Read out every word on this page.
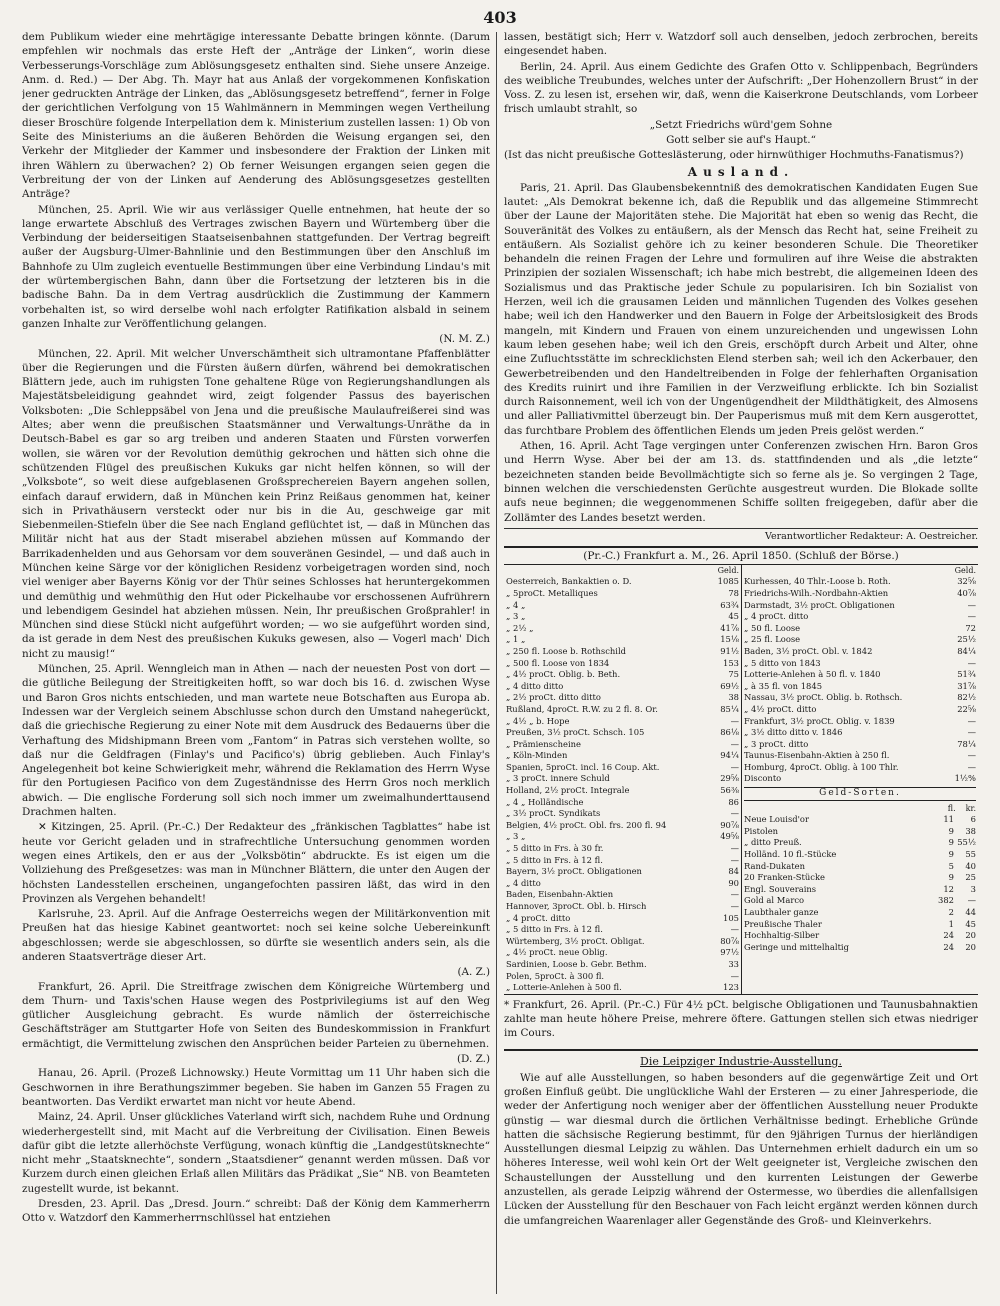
403

dem Publikum wieder eine mehrtägige interessante Debatte bringen könnte. (Darum empfehlen wir nochmals das erste Heft der „Anträge der Linken“, worin diese Verbesserungs-Vorschläge zum Ablösungsgesetz enthalten sind. Siehe unsere Anzeige. Anm. d. Red.) — Der Abg. Th. Mayr hat aus Anlaß der vorgekommenen Konfiskation jener gedruckten Anträge der Linken, das „Ablösungsgesetz betreffend“, ferner in Folge der gerichtlichen Verfolgung von 15 Wahlmännern in Memmingen wegen Vertheilung dieser Broschüre folgende Interpellation dem k. Ministerium zustellen lassen: 1) Ob von Seite des Ministeriums an die äußeren Behörden die Weisung ergangen sei, den Verkehr der Mitglieder der Kammer und insbesondere der Fraktion der Linken mit ihren Wählern zu überwachen? 2) Ob ferner Weisungen ergangen seien gegen die Verbreitung der von der Linken auf Aenderung des Ablösungsgesetzes gestellten Anträge?

München, 25. April. Wie wir aus verlässiger Quelle entnehmen, hat heute der so lange erwartete Abschluß des Vertrages zwischen Bayern und Würtemberg über die Verbindung der beiderseitigen Staatseisenbahnen stattgefunden. Der Vertrag begreift außer der Augsburg-Ulmer-Bahnlinie und den Bestimmungen über den Anschluß im Bahnhofe zu Ulm zugleich eventuelle Bestimmungen über eine Verbindung Lindau's mit der würtembergischen Bahn, dann über die Fortsetzung der letzteren bis in die badische Bahn. Da in dem Vertrag ausdrücklich die Zustimmung der Kammern vorbehalten ist, so wird derselbe wohl nach erfolgter Ratifikation alsbald in seinem ganzen Inhalte zur Veröffentlichung gelangen.

(N. M. Z.)

München, 22. April. Mit welcher Unverschämtheit sich ultramontane Pfaffenblätter über die Regierungen und die Fürsten äußern dürfen, während bei demokratischen Blättern jede, auch im ruhigsten Tone gehaltene Rüge von Regierungshandlungen als Majestätsbeleidigung geahndet wird, zeigt folgender Passus des bayerischen Volksboten: „Die Schleppsäbel von Jena und die preußische Maulaufreißerei sind was Altes; aber wenn die preußischen Staatsmänner und Verwaltungs-Unräthe da in Deutsch-Babel es gar so arg treiben und anderen Staaten und Fürsten vorwerfen wollen, sie wären vor der Revolution demüthig gekrochen und hätten sich ohne die schützenden Flügel des preußischen Kukuks gar nicht helfen können, so will der „Volksbote“, so weit diese aufgeblasenen Großsprechereien Bayern angehen sollen, einfach darauf erwidern, daß in München kein Prinz Reißaus genommen hat, keiner sich in Privathäusern versteckt oder nur bis in die Au, geschweige gar mit Siebenmeilen-Stiefeln über die See nach England geflüchtet ist, — daß in München das Militär nicht hat aus der Stadt miserabel abziehen müssen auf Kommando der Barrikadenhelden und aus Gehorsam vor dem souveränen Gesindel, — und daß auch in München keine Särge vor der königlichen Residenz vorbeigetragen worden sind, noch viel weniger aber Bayerns König vor der Thür seines Schlosses hat heruntergekommen und demüthig und wehmüthig den Hut oder Pickelhaube vor erschossenen Aufrührern und lebendigem Gesindel hat abziehen müssen. Nein, Ihr preußischen Großprahler! in München sind diese Stückl nicht aufgeführt worden; — wo sie aufgeführt worden sind, da ist gerade in dem Nest des preußischen Kukuks gewesen, also — Vogerl mach' Dich nicht zu mausig!“

München, 25. April. Wenngleich man in Athen — nach der neuesten Post von dort — die gütliche Beilegung der Streitigkeiten hofft, so war doch bis 16. d. zwischen Wyse und Baron Gros nichts entschieden, und man wartete neue Botschaften aus Europa ab. Indessen war der Vergleich seinem Abschlusse schon durch den Umstand nahegerückt, daß die griechische Regierung zu einer Note mit dem Ausdruck des Bedauerns über die Verhaftung des Midshipmann Breen vom „Fantom“ in Patras sich verstehen wollte, so daß nur die Geldfragen (Finlay's und Pacifico's) übrig geblieben. Auch Finlay's Angelegenheit bot keine Schwierigkeit mehr, während die Reklamation des Herrn Wyse für den Portugiesen Pacifico von dem Zugeständnisse des Herrn Gros noch merklich abwich. — Die englische Forderung soll sich noch immer um zweimalhunderttausend Drachmen halten.

✕ Kitzingen, 25. April. (Pr.-C.) Der Redakteur des „fränkischen Tagblattes“ habe ist heute vor Gericht geladen und in strafrechtliche Untersuchung genommen worden wegen eines Artikels, den er aus der „Volksbötin“ abdruckte. Es ist eigen um die Vollziehung des Preßgesetzes: was man in Münchner Blättern, die unter den Augen der höchsten Landesstellen erscheinen, ungangefochten passiren läßt, das wird in den Provinzen als Vergehen behandelt!

Karlsruhe, 23. April. Auf die Anfrage Oesterreichs wegen der Militärkonvention mit Preußen hat das hiesige Kabinet geantwortet: noch sei keine solche Uebereinkunft abgeschlossen; werde sie abgeschlossen, so dürfte sie wesentlich anders sein, als die anderen Staatsverträge dieser Art.

(A. Z.)

Frankfurt, 26. April. Die Streitfrage zwischen dem Königreiche Würtemberg und dem Thurn- und Taxis'schen Hause wegen des Postprivilegiums ist auf den Weg gütlicher Ausgleichung gebracht. Es wurde nämlich der österreichische Geschäftsträger am Stuttgarter Hofe von Seiten des Bundeskommission in Frankfurt ermächtigt, die Vermittelung zwischen den Ansprüchen beider Parteien zu übernehmen.

(D. Z.)

Hanau, 26. April. (Prozeß Lichnowsky.) Heute Vormittag um 11 Uhr haben sich die Geschwornen in ihre Berathungszimmer begeben. Sie haben im Ganzen 55 Fragen zu beantworten. Das Verdikt erwartet man nicht vor heute Abend.

Mainz, 24. April. Unser glückliches Vaterland wirft sich, nachdem Ruhe und Ordnung wiederhergestellt sind, mit Macht auf die Verbreitung der Civilisation. Einen Beweis dafür gibt die letzte allerhöchste Verfügung, wonach künftig die „Landgestütsknechte“ nicht mehr „Staatsknechte“, sondern „Staatsdiener“ genannt werden müssen. Daß vor Kurzem durch einen gleichen Erlaß allen Militärs das Prädikat „Sie“ NB. von Beamteten zugestellt wurde, ist bekannt.

Dresden, 23. April. Das „Dresd. Journ.“ schreibt: Daß der König dem Kammerherrn Otto v. Watzdorf den Kammerherrnschlüssel hat entziehen

lassen, bestätigt sich; Herr v. Watzdorf soll auch denselben, jedoch zerbrochen, bereits eingesendet haben.

Berlin, 24. April. Aus einem Gedichte des Grafen Otto v. Schlippenbach, Begründers des weibliche Treubundes, welches unter der Aufschrift: „Der Hohenzollern Brust“ in der Voss. Z. zu lesen ist, ersehen wir, daß, wenn die Kaiserkrone Deutschlands, vom Lorbeer frisch umlaubt strahlt, so

„Setzt Friedrichs würd'gem Sohne

Gott selber sie auf's Haupt.“

(Ist das nicht preußische Gotteslästerung, oder hirnwüthiger Hochmuths-Fanatismus?)

Ausland.

Paris, 21. April. Das Glaubensbekenntniß des demokratischen Kandidaten Eugen Sue lautet: „Als Demokrat bekenne ich, daß die Republik und das allgemeine Stimmrecht über der Laune der Majoritäten stehe. Die Majorität hat eben so wenig das Recht, die Souveränität des Volkes zu entäußern, als der Mensch das Recht hat, seine Freiheit zu entäußern. Als Sozialist gehöre ich zu keiner besonderen Schule. Die Theoretiker behandeln die reinen Fragen der Lehre und formuliren auf ihre Weise die abstrakten Prinzipien der sozialen Wissenschaft; ich habe mich bestrebt, die allgemeinen Ideen des Sozialismus und das Praktische jeder Schule zu popularisiren. Ich bin Sozialist von Herzen, weil ich die grausamen Leiden und männlichen Tugenden des Volkes gesehen habe; weil ich den Handwerker und den Bauern in Folge der Arbeitslosigkeit des Brods mangeln, mit Kindern und Frauen von einem unzureichenden und ungewissen Lohn kaum leben gesehen habe; weil ich den Greis, erschöpft durch Arbeit und Alter, ohne eine Zufluchtsstätte im schrecklichsten Elend sterben sah; weil ich den Ackerbauer, den Gewerbetreibenden und den Handeltreibenden in Folge der fehlerhaften Organisation des Kredits ruinirt und ihre Familien in der Verzweiflung erblickte. Ich bin Sozialist durch Raisonnement, weil ich von der Ungenügendheit der Mildthätigkeit, des Almosens und aller Palliativmittel überzeugt bin. Der Pauperismus muß mit dem Kern ausgerottet, das furchtbare Problem des öffentlichen Elends um jeden Preis gelöst werden.“

Athen, 16. April. Acht Tage vergingen unter Conferenzen zwischen Hrn. Baron Gros und Herrn Wyse. Aber bei der am 13. ds. stattfindenden und als „die letzte“ bezeichneten standen beide Bevollmächtigte sich so ferne als je. So vergingen 2 Tage, binnen welchen die verschiedensten Gerüchte ausgestreut wurden. Die Blokade sollte aufs neue beginnen; die weggenommenen Schiffe sollten freigegeben, dafür aber die Zollämter des Landes besetzt werden.

Verantwortlicher Redakteur: A. Oestreicher.
(Pr.-C.) Frankfurt a. M., 26. April 1850. (Schluß der Börse.)
Geld.
Oesterreich, Bankaktien o. D.	1085
„ 5proCt. Metalliques	78
„ 4 „	63¾
„ 3 „	45
„ 2½ „	41⅞
„ 1 „	15⅛
„ 250 fl. Loose b. Rothschild	91½
„ 500 fl. Loose von 1834	153
„ 4½ proCt. Oblig. b. Beth.	75
„ 4 ditto ditto	69½
„ 2½ proCt. ditto ditto	38
Rußland, 4proCt. R.W. zu 2 fl. 8. Or.	85¼
„ 4½ „ b. Hope	—
Preußen, 3½ proCt. Schsch. 105	86⅛
„ Prämienscheine	—
„ Köln-Minden	94¼
Spanien, 5proCt. incl. 16 Coup. Akt.	—
„ 3 proCt. innere Schuld	29⅝
Holland, 2½ proCt. Integrale	56⅜
„ 4 „ Holländische	86
„ 3½ proCt. Syndikats	—
Belgien, 4½ proCt. Obl. frs. 200 fl. 94	90⅞
„ 3 „	49⅝
„ 5 ditto in Frs. à 30 fr.	—
„ 5 ditto in Frs. à 12 fl.	—
Bayern, 3½ proCt. Obligationen	84
„ 4 ditto	90
Baden, Eisenbahn-Aktien	—
Hannover, 3proCt. Obl. b. Hirsch	—
„ 4 proCt. ditto	105
„ 5 ditto in Frs. à 12 fl.	—
Würtemberg, 3½ proCt. Obligat.	80⅞
„ 4½ proCt. neue Oblig.	97½
Sardinien, Loose b. Gebr. Bethm.	33
Polen, 5proCt. à 300 fl.	—
„ Lotterie-Anlehen à 500 fl.	123
Geld.
Kurhessen, 40 Thlr.-Loose b. Roth.	32⅝
Friedrichs-Wilh.-Nordbahn-Aktien	40⅞
Darmstadt, 3½ proCt. Obligationen	—
„ 4 proCt. ditto	—
„ 50 fl. Loose	72
„ 25 fl. Loose	25½
Baden, 3½ proCt. Obl. v. 1842	84¼
„ 5 ditto von 1843	—
Lotterie-Anlehen à 50 fl. v. 1840	51¾
„ à 35 fl. von 1845	31⅞
Nassau, 3½ proCt. Oblig. b. Rothsch.	82½
„ 4½ proCt. ditto	22⅝
Frankfurt, 3½ proCt. Oblig. v. 1839	—
„ 3½ ditto ditto v. 1846	—
„ 3 proCt. ditto	78¼
Taunus-Eisenbahn-Aktien à 250 fl.	—
Homburg, 4proCt. Oblig. à 100 Thlr.	—
Disconto	1½%
Geld-Sorten.
fl. kr.
Neue Louisd'or	11	6
Pistolen	9	38
„ ditto Preuß.	9 55½
Holländ. 10 fl.-Stücke	9	55
Rand-Dukaten	5	40
20 Franken-Stücke	9	25
Engl. Souverains	12	3
Gold al Marco	382	—
Laubthaler ganze	2	44
Preußische Thaler	1	45
Hochhaltig-Silber	24	20
Geringe und mittelhaltig	24	20

* Frankfurt, 26. April. (Pr.-C.) Für 4½ pCt. belgische Obligationen und Taunusbahnaktien zahlte man heute höhere Preise, mehrere öftere. Gattungen stellen sich etwas niedriger im Cours.

Die Leipziger Industrie-Ausstellung.

Wie auf alle Ausstellungen, so haben besonders auf die gegenwärtige Zeit und Ort großen Einfluß geübt. Die unglückliche Wahl der Ersteren — zu einer Jahresperiode, die weder der Anfertigung noch weniger aber der öffentlichen Ausstellung neuer Produkte günstig — war diesmal durch die örtlichen Verhältnisse bedingt. Erhebliche Gründe hatten die sächsische Regierung bestimmt, für den 9jährigen Turnus der hierländigen Ausstellungen diesmal Leipzig zu wählen. Das Unternehmen erhielt dadurch ein um so höheres Interesse, weil wohl kein Ort der Welt geeigneter ist, Vergleiche zwischen den Schaustellungen der Ausstellung und den kurrenten Leistungen der Gewerbe anzustellen, als gerade Leipzig während der Ostermesse, wo überdies die allenfallsigen Lücken der Ausstellung für den Beschauer von Fach leicht ergänzt werden können durch die umfangreichen Waarenlager aller Gegenstände des Groß- und Kleinverkehrs.
